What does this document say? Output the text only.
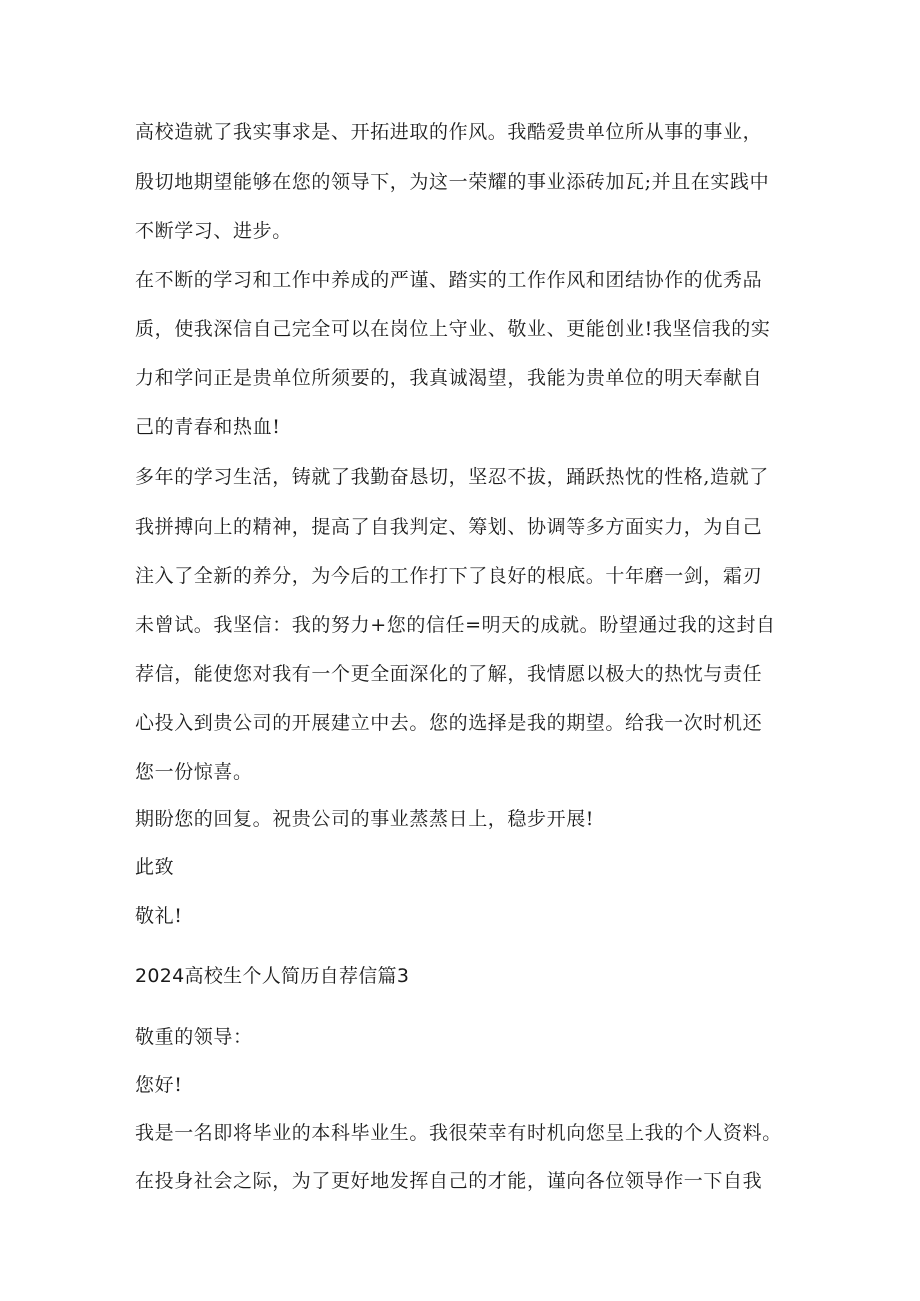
高校造就了我实事求是、开拓进取的作风。我酷爱贵单位所从事的事业，
殷切地期望能够在您的领导下，为这一荣耀的事业添砖加瓦;并且在实践中
不断学习、进步。
在不断的学习和工作中养成的严谨、踏实的工作作风和团结协作的优秀品
质，使我深信自己完全可以在岗位上守业、敬业、更能创业!我坚信我的实
力和学问正是贵单位所须要的，我真诚渴望，我能为贵单位的明天奉献自
己的青春和热血!
多年的学习生活，铸就了我勤奋恳切，坚忍不拔，踊跃热忱的性格,造就了
我拼搏向上的精神，提高了自我判定、筹划、协调等多方面实力，为自己
注入了全新的养分，为今后的工作打下了良好的根底。十年磨一剑，霜刃
未曾试。我坚信：我的努力+您的信任=明天的成就。盼望通过我的这封自
荐信，能使您对我有一个更全面深化的了解，我情愿以极大的热忱与责任
心投入到贵公司的开展建立中去。您的选择是我的期望。给我一次时机还
您一份惊喜。
期盼您的回复。祝贵公司的事业蒸蒸日上，稳步开展!
此致
敬礼!
2024高校生个人简历自荐信篇3
敬重的领导：
您好!
我是一名即将毕业的本科毕业生。我很荣幸有时机向您呈上我的个人资料。
在投身社会之际，为了更好地发挥自己的才能，谨向各位领导作一下自我
